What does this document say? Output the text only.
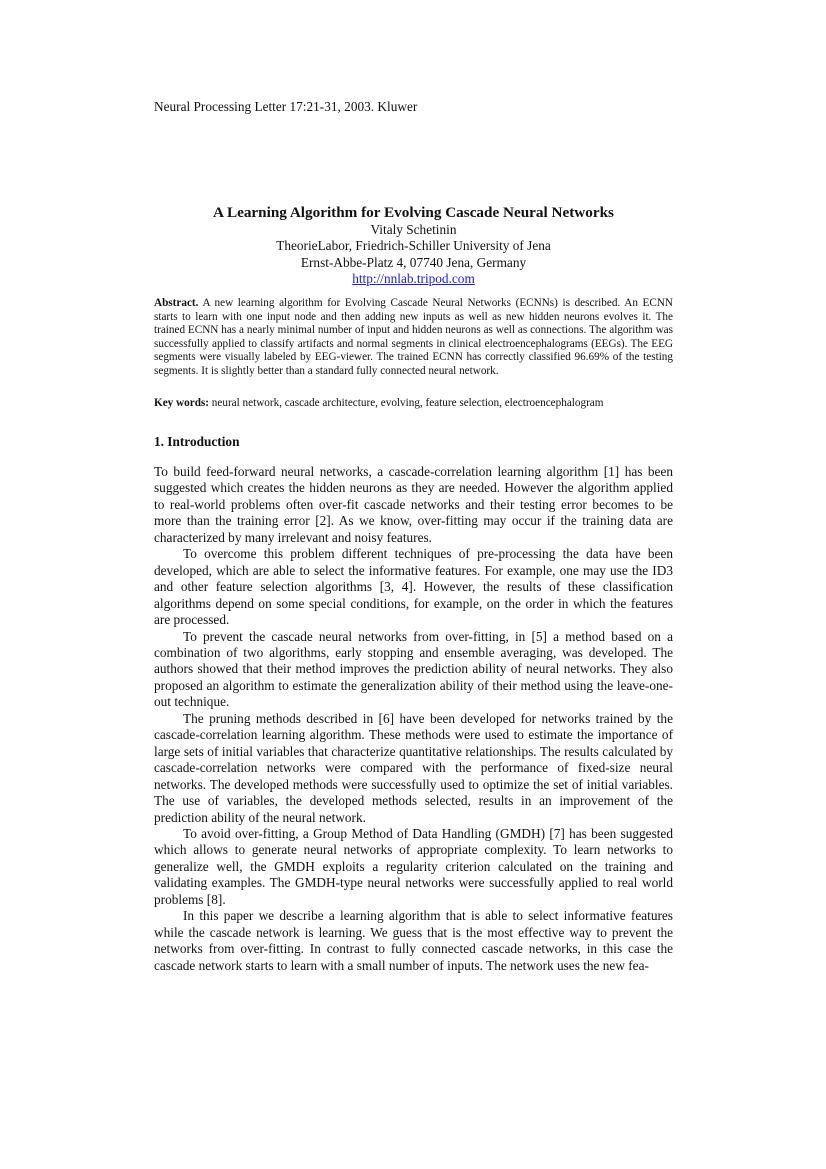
Neural Processing Letter 17:21-31, 2003. Kluwer
A Learning Algorithm for Evolving Cascade Neural Networks
Vitaly Schetinin
TheorieLabor, Friedrich-Schiller University of Jena
Ernst-Abbe-Platz 4, 07740 Jena, Germany
http://nnlab.tripod.com

Abstract. A new learning algorithm for Evolving Cascade Neural Networks (ECNNs) is described. An ECNN starts to learn with one input node and then adding new inputs as well as new hidden neurons evolves it. The trained ECNN has a nearly minimal number of input and hidden neurons as well as connections. The algorithm was successfully applied to classify artifacts and normal segments in clinical electroencephalograms (EEGs). The EEG segments were visually labeled by EEG-viewer. The trained ECNN has correctly classified 96.69% of the testing segments. It is slightly better than a standard fully connected neural network.

Key words: neural network, cascade architecture, evolving, feature selection, electroencephalogram

1. Introduction

To build feed-forward neural networks, a cascade-correlation learning algorithm [1] has been suggested which creates the hidden neurons as they are needed. However the algorithm applied to real-world problems often over-fit cascade networks and their testing error becomes to be more than the training error [2]. As we know, over-fitting may occur if the training data are characterized by many irrelevant and noisy features.

To overcome this problem different techniques of pre-processing the data have been developed, which are able to select the informative features. For example, one may use the ID3 and other feature selection algorithms [3, 4]. However, the results of these classification algorithms depend on some special conditions, for example, on the order in which the features are processed.

To prevent the cascade neural networks from over-fitting, in [5] a method based on a combination of two algorithms, early stopping and ensemble averaging, was developed. The authors showed that their method improves the prediction ability of neural networks. They also proposed an algorithm to estimate the generalization ability of their method using the leave-one-out technique.

The pruning methods described in [6] have been developed for networks trained by the cascade-correlation learning algorithm. These methods were used to estimate the importance of large sets of initial variables that characterize quantitative relationships. The results calculated by cascade-correlation networks were compared with the performance of fixed-size neural networks. The developed methods were successfully used to optimize the set of initial variables. The use of variables, the developed methods selected, results in an improvement of the prediction ability of the neural network.

To avoid over-fitting, a Group Method of Data Handling (GMDH) [7] has been suggested which allows to generate neural networks of appropriate complexity. To learn networks to generalize well, the GMDH exploits a regularity criterion calculated on the training and validating examples. The GMDH-type neural networks were successfully applied to real world problems [8].

In this paper we describe a learning algorithm that is able to select informative features while the cascade network is learning. We guess that is the most effective way to prevent the networks from over-fitting. In contrast to fully connected cascade networks, in this case the cascade network starts to learn with a small number of inputs. The network uses the new fea-
